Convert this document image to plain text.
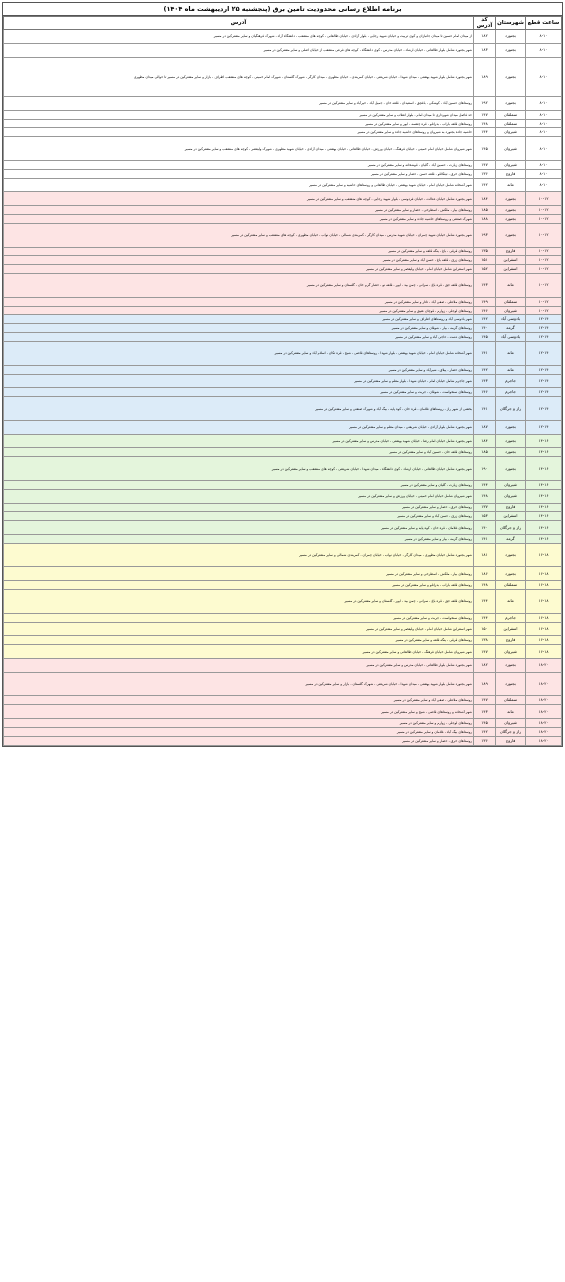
برنامه اطلاع رسانی محدودیت تامین برق (پنجشنبه ۲۵ اردیبهشت ماه ۱۴۰۴)
ساعت قطع	شهرستان	کد آدرس	آدرس
۸-۱۰	بجنورد	۱۸۲	از میدان امام حسین تا میدان جانبازان و کوی تربیت و خیابان شهید رجایی ، بلوار آزادی ، خیابان طالقانی ، کوچه های منشعب ، دانشگاه آزاد ، شهرک فرهنگیان و سایر مشترکین در مسیر
۸-۱۰	بجنورد	۱۸۳	شهر بجنورد شامل بلوار طالقانی ، خیابان ارشاد ، خیابان مدرس ، کوی دانشگاه ، کوچه های فرعی منشعب از خیابان اصلی و سایر مشترکین در مسیر
۸-۱۰	بجنورد	۱۸۹	شهر بجنورد شامل بلوار شهید بهشتی ، میدان شهدا ، خیابان شریعتی ، خیابان کمربندی ، خیابان مطهری ، میدان کارگر ، شهرک گلستان ، شهرک امام خمینی ، کوچه های منشعب اطراف ، بازار و سایر مشترکین در مسیر تا حوالی میدان مطهری
۸-۱۰	بجنورد	۱۹۲	روستاهای حسین آباد ، کوشکی ، باغچق ، اسفیدان ، قلعه خان ، جمیل آباد ، خیرآباد و سایر مشترکین در مسیر
۸-۱۰	سملقان	۱۴۷	حد فاصل میدان شهرداری تا میدان امام ، بلوار انقلاب و سایر مشترکین در مسیر
۸-۱۰	سملقان	۱۴۸	روستاهای قلعه باراب ، بدرانلو ، قره چشمه ، ایور و سایر مشترکین در مسیر
۸-۱۰	شیروان	۱۴۴	حاشیه جاده بجنورد به شیروان و روستاهای حاشیه جاده و سایر مشترکین در مسیر
۸-۱۰	شیروان	۱۴۵	شهر شیروان شامل خیابان امام خمینی ، خیابان فرهنگ ، خیابان ورزش ، خیابان طالقانی ، خیابان بهشتی ، میدان آزادی ، خیابان شهید مطهری ، شهرک ولیعصر ، کوچه های منشعب و سایر مشترکین در مسیر
۸-۱۰	شیروان	۱۴۷	روستاهای زیارت ، حسین آباد ، گلیان ، قوشخانه و سایر مشترکین در مسیر
۸-۱۰	فاروج	۱۳۶	روستاهای خرق ، تیتکانلو ، قلعه حسن ، حصار و سایر مشترکین در مسیر
۸-۱۰	مانه	۱۴۲	شهر آشخانه شامل خیابان امام ، خیابان شهید بهشتی ، خیابان طالقانی و روستاهای حاشیه و سایر مشترکین در مسیر
۱۰-۱۲	بجنورد	۱۸۴	شهر بجنورد شامل خیابان عدالت ، خیابان فردوسی ، بلوار شهید رجایی ، کوچه های منشعب و سایر مشترکین در مسیر
۱۰-۱۲	بجنورد	۱۸۵	روستاهای بیار ، ملکش ، اسطرخی ، حصار و سایر مشترکین در مسیر
۱۰-۱۲	بجنورد	۱۸۸	شهرک صنعتی و روستاهای حاشیه جاده و سایر مشترکین در مسیر
۱۰-۱۲	بجنورد	۱۹۳	شهر بجنورد شامل خیابان شهید چمران ، خیابان شهید مدرس ، میدان کارگر ، کمربندی شمالی ، خیابان نواب ، خیابان مطهری ، کوچه های منشعب و سایر مشترکین در مسیر
۱۰-۱۲	فاروج	۱۳۵	روستاهای قرقی ، باغ ، ینگه قلعه و سایر مشترکین در مسیر
۱۰-۱۲	اسفراین	۱۵۱	روستاهای زرق ، قلعه باغ ، حسن آباد و سایر مشترکین در مسیر
۱۰-۱۲	اسفراین	۱۵۲	شهر اسفراین شامل خیابان امام ، خیابان ولیعصر و سایر مشترکین در مسیر
۱۰-۱۲	مانه	۱۴۳	روستاهای قلعه جق ، قره باغ ، سرانی ، چمن بید ، ایور ، قلعه نو ، حصار گرم خان ، گلستان و سایر مشترکین در مسیر
۱۰-۱۲	سملقان	۱۴۹	روستاهای ملاعلی ، صفی آباد ، تاتار و سایر مشترکین در مسیر
۱۰-۱۲	شیروان	۱۴۶	روستاهای لوجلی ، زوارم ، قوچان عتیق و سایر مشترکین در مسیر
۱۲-۱۴	بادوسی آباد	۱۴۲	شهر بادوسی آباد و روستاهای اطراف و سایر مشترکین در مسیر
۱۲-۱۴	گرمه	۱۴۰	روستاهای گرمه ، بیار ، شوقان و سایر مشترکین در مسیر
۱۲-۱۴	بادوسی آباد	۱۴۵	روستاهای دشت ، حاجی آباد و سایر مشترکین در مسیر
۱۲-۱۴	مانه	۱۴۱	شهر آشخانه شامل خیابان امام ، خیابان شهید بهشتی ، بلوار شهدا ، روستاهای قاضی ، شیخ ، قره تکان ، اسلام آباد و سایر مشترکین در مسیر
۱۲-۱۴	مانه	۱۴۲	روستاهای حصار ، ییلاق ، شیرآباد و سایر مشترکین در مسیر
۱۲-۱۴	جاجرم	۱۴۳	شهر جاجرم شامل خیابان امام ، خیابان شهدا ، بلوار معلم و سایر مشترکین در مسیر
۱۲-۱۴	جاجرم	۱۴۶	روستاهای سنخواست ، شوقان ، جربت و سایر مشترکین در مسیر
۱۲-۱۴	راز و جرگلان	۱۴۱	بخشی از شهر راز ، روستاهای غلامان ، قره خان ، کوه پایه ، بیگ آباد و شهرک صنعتی و سایر مشترکین در مسیر
۱۲-۱۴	بجنورد	۱۸۷	شهر بجنورد شامل بلوار آزادی ، خیابان شریعتی ، میدان معلم و سایر مشترکین در مسیر
۱۴-۱۶	بجنورد	۱۸۴	شهر بجنورد شامل خیابان امام رضا ، خیابان شهید بهشتی ، خیابان مدرس و سایر مشترکین در مسیر
۱۴-۱۶	بجنورد	۱۸۵	روستاهای قلعه خان ، حسین آباد و سایر مشترکین در مسیر
۱۴-۱۶	بجنورد	۱۹۰	شهر بجنورد شامل خیابان طالقانی ، خیابان ارشاد ، کوی دانشگاه ، میدان شهدا ، خیابان شریعتی ، کوچه های منشعب و سایر مشترکین در مسیر
۱۴-۱۶	شیروان	۱۴۴	روستاهای زیارت ، گلیان و سایر مشترکین در مسیر
۱۴-۱۶	شیروان	۱۴۸	شهر شیروان شامل خیابان امام خمینی ، خیابان ورزش و سایر مشترکین در مسیر
۱۴-۱۶	فاروج	۱۳۷	روستاهای خرق ، حصار و سایر مشترکین در مسیر
۱۴-۱۶	اسفراین	۱۵۳	روستاهای زرق ، حسن آباد و سایر مشترکین در مسیر
۱۴-۱۶	راز و جرگلان	۱۴۰	روستاهای غلامان ، قره خان ، کوه پایه و سایر مشترکین در مسیر
۱۴-۱۶	گرمه	۱۴۱	روستاهای گرمه ، بیار و سایر مشترکین در مسیر
۱۶-۱۸	بجنورد	۱۸۱	شهر بجنورد شامل خیابان مطهری ، میدان کارگر ، خیابان نواب ، خیابان چمران ، کمربندی شمالی و سایر مشترکین در مسیر
۱۶-۱۸	بجنورد	۱۸۶	روستاهای بیار ، ملکش ، اسطرخی و سایر مشترکین در مسیر
۱۶-۱۸	سملقان	۱۴۸	روستاهای قلعه باراب ، بدرانلو و سایر مشترکین در مسیر
۱۶-۱۸	مانه	۱۴۴	روستاهای قلعه جق ، قره باغ ، سرانی ، چمن بید ، ایور ، گلستان و سایر مشترکین در مسیر
۱۶-۱۸	جاجرم	۱۴۴	روستاهای سنخواست ، جربت و سایر مشترکین در مسیر
۱۶-۱۸	اسفراین	۱۵۰	شهر اسفراین شامل خیابان امام ، خیابان ولیعصر و سایر مشترکین در مسیر
۱۶-۱۸	فاروج	۱۳۸	روستاهای قرقی ، ینگه قلعه و سایر مشترکین در مسیر
۱۶-۱۸	شیروان	۱۴۷	شهر شیروان شامل خیابان فرهنگ ، خیابان طالقانی و سایر مشترکین در مسیر
۱۸-۲۰	بجنورد	۱۸۲	شهر بجنورد شامل بلوار طالقانی ، خیابان مدرس و سایر مشترکین در مسیر
۱۸-۲۰	بجنورد	۱۸۹	شهر بجنورد شامل بلوار شهید بهشتی ، میدان شهدا ، خیابان شریعتی ، شهرک گلستان ، بازار و سایر مشترکین در مسیر
۱۸-۲۰	سملقان	۱۴۷	روستاهای ملاعلی ، صفی آباد و سایر مشترکین در مسیر
۱۸-۲۰	مانه	۱۴۳	شهر آشخانه و روستاهای قاضی ، شیخ و سایر مشترکین در مسیر
۱۸-۲۰	شیروان	۱۴۵	روستاهای لوجلی ، زوارم و سایر مشترکین در مسیر
۱۸-۲۰	راز و جرگلان	۱۴۲	روستاهای بیگ آباد ، غلامان و سایر مشترکین در مسیر
۱۸-۲۰	فاروج	۱۳۶	روستاهای خرق ، حصار و سایر مشترکین در مسیر
